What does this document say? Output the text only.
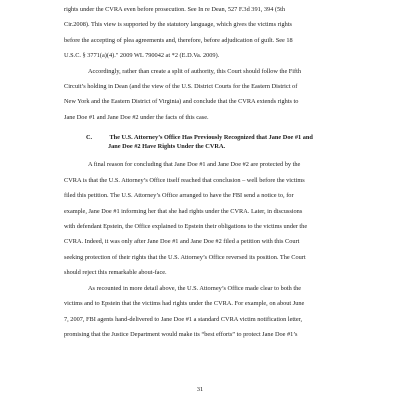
rights under the CVRA even before prosecution. See In re Dean, 527 F.3d 391, 394 (5th
Cir.2008). This view is supported by the statutory language, which gives the victims rights
before the accepting of plea agreements and, therefore, before adjudication of guilt. See 18
U.S.C. § 3771(a)(4)." 2009 WL 790042 at *2 (E.D.Va. 2009).
Accordingly, rather than create a split of authority, this Court should follow the Fifth
Circuit’s holding in Dean (and the view of the U.S. District Courts for the Eastern District of
New York and the Eastern District of Virginia) and conclude that the CVRA extends rights to
Jane Doe #1 and Jane Doe #2 under the facts of this case.
C.	The U.S. Attorney’s Office Has Previously Recognized that Jane Doe #1 and
Jane Doe #2 Have Rights Under the CVRA.
A final reason for concluding that Jane Doe #1 and Jane Doe #2 are protected by the
CVRA is that the U.S. Attorney’s Office itself reached that conclusion – well before the victims
filed this petition. The U.S. Attorney’s Office arranged to have the FBI send a notice to, for
example, Jane Doe #1 informing her that she had rights under the CVRA. Later, in discussions
with defendant Epstein, the Office explained to Epstein their obligations to the victims under the
CVRA. Indeed, it was only after Jane Doe #1 and Jane Doe #2 filed a petition with this Court
seeking protection of their rights that the U.S. Attorney’s Office reversed its position. The Court
should reject this remarkable about-face.
As recounted in more detail above, the U.S. Attorney’s Office made clear to both the
victims and to Epstein that the victims had rights under the CVRA. For example, on about June
7, 2007, FBI agents hand-delivered to Jane Doe #1 a standard CVRA victim notification letter,
promising that the Justice Department would make its “best efforts” to protect Jane Doe #1’s
31
